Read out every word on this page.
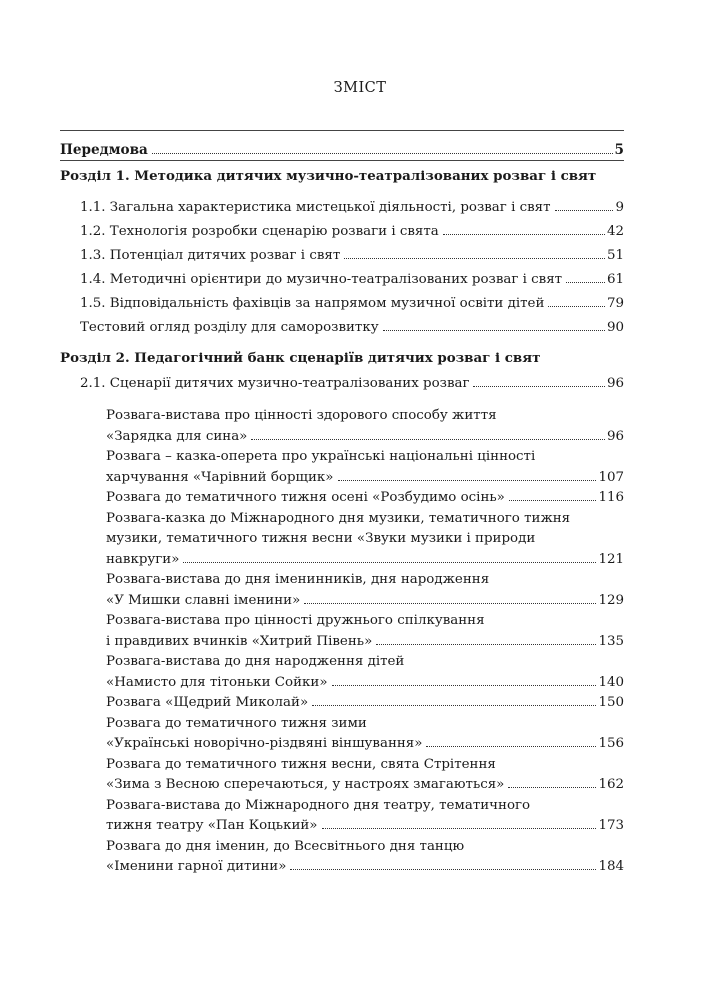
ЗМІСТ
Передмова	5
Розділ 1. Методика дитячих музично-театралізованих розваг і свят
1.1. Загальна характеристика мистецької діяльності, розваг і свят	9
1.2. Технологія розробки сценарію розваги і свята	42
1.3. Потенціал дитячих розваг і свят	51
1.4. Методичні орієнтири до музично-театралізованих розваг і свят	61
1.5. Відповідальність фахівців за напрямом музичної освіти дітей	79
Тестовий огляд розділу для саморозвитку	90
Розділ 2. Педагогічний банк сценаріїв дитячих розваг і свят
2.1. Сценарії дитячих музично-театралізованих розваг	96
Розвага-вистава про цінності здорового способу життя
«Зарядка для сина»	96
Розвага – казка-оперета про українські національні цінності
харчування «Чарівний борщик»	107
Розвага до тематичного тижня осені «Розбудимо осінь»	116
Розвага-казка до Міжнародного дня музики, тематичного тижня
музики, тематичного тижня весни «Звуки музики і природи
навкруги»	121
Розвага-вистава до дня іменинників, дня народження
«У Мишки славні іменини»	129
Розвага-вистава про цінності дружнього спілкування
і правдивих вчинків «Хитрий Півень»	135
Розвага-вистава до дня народження дітей
«Намисто для тітоньки Сойки»	140
Розвага «Щедрий Миколай»	150
Розвага до тематичного тижня зими
«Українські новорічно-різдвяні віншування»	156
Розвага до тематичного тижня весни, свята Стрітення
«Зима з Весною сперечаються, у настроях змагаються»	162
Розвага-вистава до Міжнародного дня театру, тематичного
тижня театру «Пан Коцький»	173
Розвага до дня іменин, до Всесвітнього дня танцю
«Іменини гарної дитини»	184
